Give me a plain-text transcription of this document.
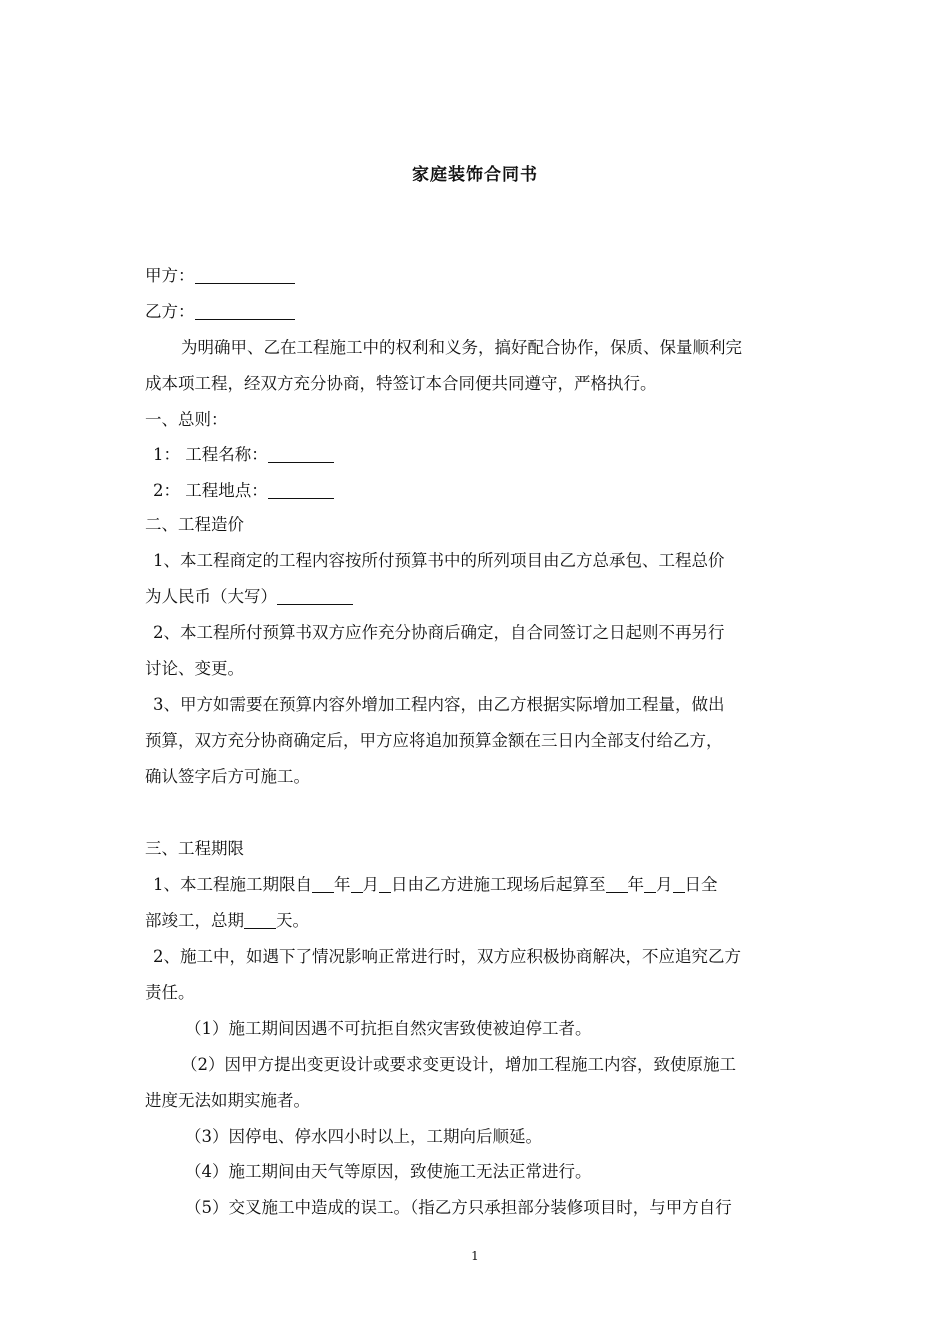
家庭装饰合同书
甲方：
乙方：
为明确甲、乙在工程施工中的权利和义务，搞好配合协作，保质、保量顺利完
成本项工程，经双方充分协商，特签订本合同便共同遵守，严格执行。
一、总则：
1： 工程名称：
2： 工程地点：
二、工程造价
1、本工程商定的工程内容按所付预算书中的所列项目由乙方总承包、工程总价
为人民币（大写）
2、本工程所付预算书双方应作充分协商后确定，自合同签订之日起则不再另行
讨论、变更。
3、甲方如需要在预算内容外增加工程内容，由乙方根据实际增加工程量，做出
预算，双方充分协商确定后，甲方应将追加预算金额在三日内全部支付给乙方，
确认签字后方可施工。
三、工程期限
1、本工程施工期限自 年 月 日由乙方进施工现场后起算至 年 月 日全
部竣工，总期 天。
2、施工中，如遇下了情况影响正常进行时，双方应积极协商解决，不应追究乙方
责任。
（1）施工期间因遇不可抗拒自然灾害致使被迫停工者。
（2）因甲方提出变更设计或要求变更设计，增加工程施工内容，致使原施工
进度无法如期实施者。
（3）因停电、停水四小时以上，工期向后顺延。
（4）施工期间由天气等原因，致使施工无法正常进行。
（5）交叉施工中造成的误工。（指乙方只承担部分装修项目时，与甲方自行
1
